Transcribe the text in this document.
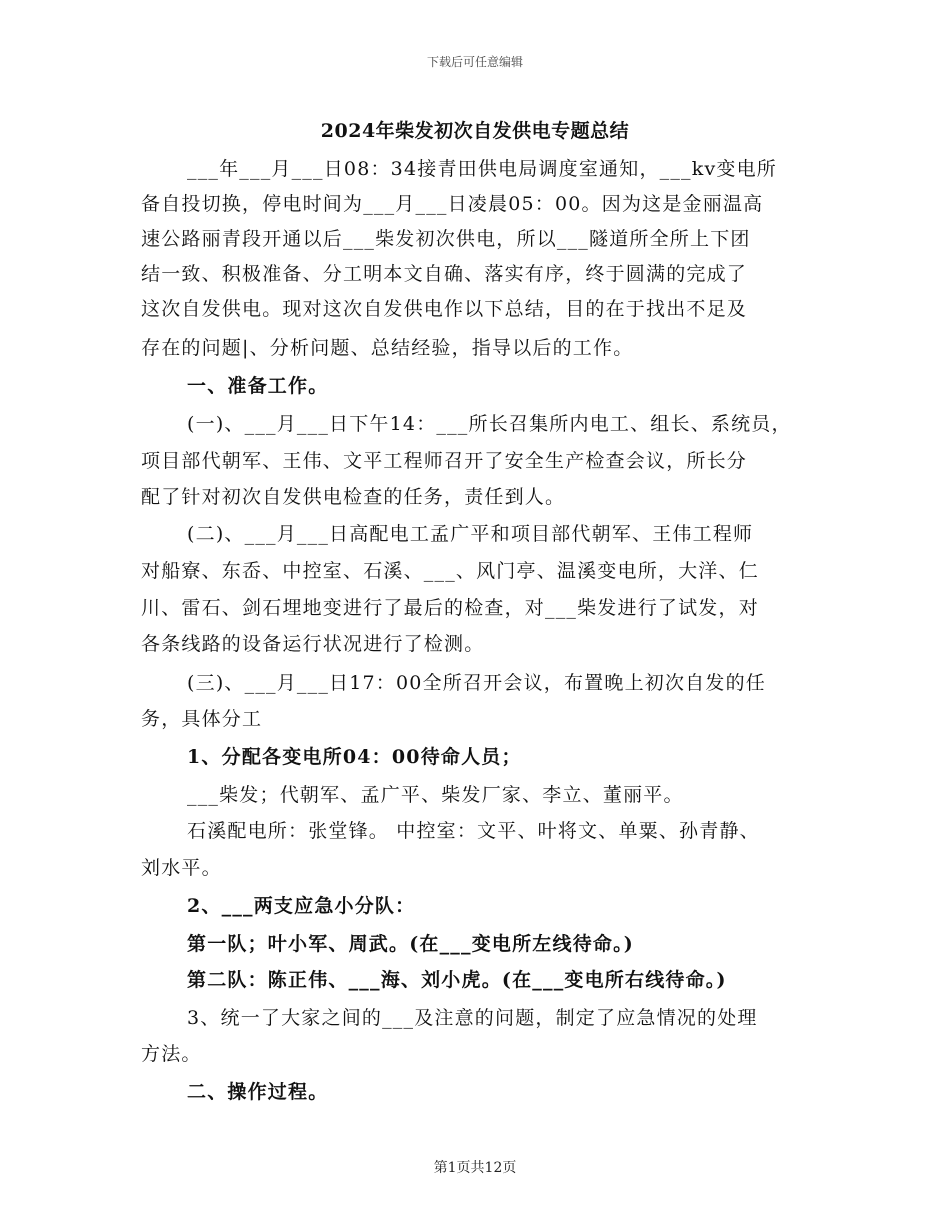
下载后可任意编辑
2024年柴发初次自发供电专题总结
___年___月___日08：34接青田供电局调度室通知，___kv变电所
备自投切换，停电时间为___月___日凌晨05：00。因为这是金丽温高
速公路丽青段开通以后___柴发初次供电，所以___隧道所全所上下团
结一致、积极准备、分工明本文自确、落实有序，终于圆满的完成了
这次自发供电。现对这次自发供电作以下总结，目的在于找出不足及
存在的问题|、分析问题、总结经验，指导以后的工作。
一、准备工作。
(一)、___月___日下午14：___所长召集所内电工、组长、系统员，
项目部代朝军、王伟、文平工程师召开了安全生产检查会议，所长分
配了针对初次自发供电检查的任务，责任到人。
(二)、___月___日高配电工孟广平和项目部代朝军、王伟工程师
对船寮、东岙、中控室、石溪、___、风门亭、温溪变电所，大洋、仁
川、雷石、剑石埋地变进行了最后的检查，对___柴发进行了试发，对
各条线路的设备运行状况进行了检测。
(三)、___月___日17：00全所召开会议，布置晚上初次自发的任
务，具体分工
1、分配各变电所04：00待命人员；
___柴发；代朝军、孟广平、柴发厂家、李立、董丽平。
石溪配电所：张堂锋。 中控室：文平、叶将文、单粟、孙青静、
刘水平。
2、___两支应急小分队：
第一队；叶小军、周武。(在___变电所左线待命。)
第二队：陈正伟、___海、刘小虎。(在___变电所右线待命。)
3、统一了大家之间的___及注意的问题，制定了应急情况的处理
方法。
二、操作过程。
第1页共12页
